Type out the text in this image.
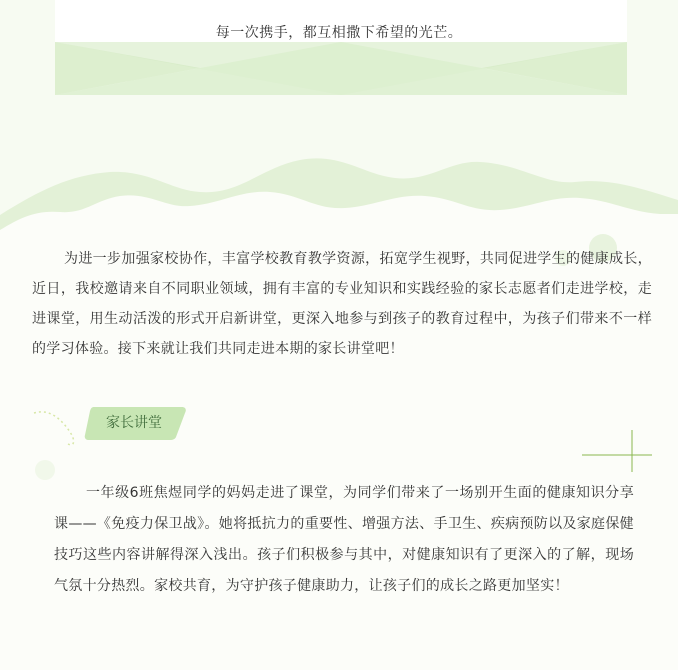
每一次携手，都互相撒下希望的光芒。

为进一步加强家校协作，丰富学校教育教学资源，拓宽学生视野，共同促进学生的健康成长，近日，我校邀请来自不同职业领域，拥有丰富的专业知识和实践经验的家长志愿者们走进学校，走进课堂，用生动活泼的形式开启新讲堂，更深入地参与到孩子的教育过程中，为孩子们带来不一样的学习体验。接下来就让我们共同走进本期的家长讲堂吧！

家长讲堂

一年级6班焦煜同学的妈妈走进了课堂，为同学们带来了一场别开生面的健康知识分享课——《免疫力保卫战》。她将抵抗力的重要性、增强方法、手卫生、疾病预防以及家庭保健技巧这些内容讲解得深入浅出。孩子们积极参与其中，对健康知识有了更深入的了解，现场气氛十分热烈。家校共育，为守护孩子健康助力，让孩子们的成长之路更加坚实！
